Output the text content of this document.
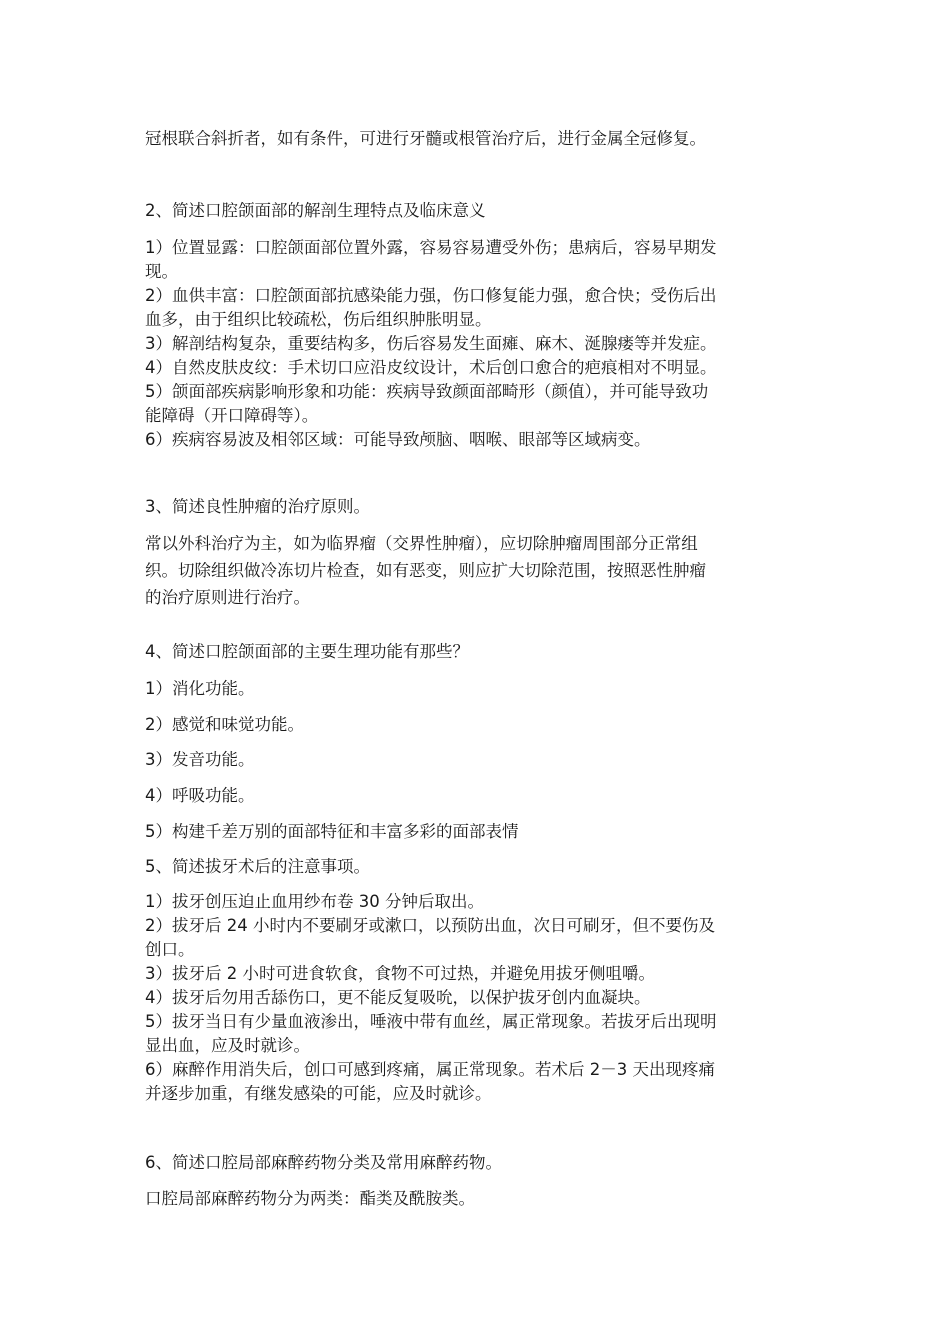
冠根联合斜折者，如有条件，可进行牙髓或根管治疗后，进行金属全冠修复。
2、简述口腔颌面部的解剖生理特点及临床意义
1）位置显露：口腔颌面部位置外露，容易容易遭受外伤；患病后，容易早期发
现。
2）血供丰富：口腔颌面部抗感染能力强，伤口修复能力强，愈合快；受伤后出
血多，由于组织比较疏松，伤后组织肿胀明显。
3）解剖结构复杂，重要结构多，伤后容易发生面瘫、麻木、涎腺瘘等并发症。
4）自然皮肤皮纹：手术切口应沿皮纹设计，术后创口愈合的疤痕相对不明显。
5）颌面部疾病影响形象和功能：疾病导致颜面部畸形（颜值），并可能导致功
能障碍（开口障碍等）。
6）疾病容易波及相邻区域：可能导致颅脑、咽喉、眼部等区域病变。
3、简述良性肿瘤的治疗原则。
常以外科治疗为主，如为临界瘤（交界性肿瘤），应切除肿瘤周围部分正常组
织。切除组织做冷冻切片检查，如有恶变，则应扩大切除范围，按照恶性肿瘤
的治疗原则进行治疗。
4、简述口腔颌面部的主要生理功能有那些？
1）消化功能。
2）感觉和味觉功能。
3）发音功能。
4）呼吸功能。
5）构建千差万别的面部特征和丰富多彩的面部表情
5、简述拔牙术后的注意事项。
1）拔牙创压迫止血用纱布卷 30 分钟后取出。
2）拔牙后 24 小时内不要刷牙或漱口，以预防出血，次日可刷牙，但不要伤及
创口。
3）拔牙后 2 小时可进食软食，食物不可过热，并避免用拔牙侧咀嚼。
4）拔牙后勿用舌舔伤口，更不能反复吸吮，以保护拔牙创内血凝块。
5）拔牙当日有少量血液渗出，唾液中带有血丝，属正常现象。若拔牙后出现明
显出血，应及时就诊。
6）麻醉作用消失后，创口可感到疼痛，属正常现象。若术后 2－3 天出现疼痛
并逐步加重，有继发感染的可能，应及时就诊。
6、简述口腔局部麻醉药物分类及常用麻醉药物。
口腔局部麻醉药物分为两类：酯类及酰胺类。
